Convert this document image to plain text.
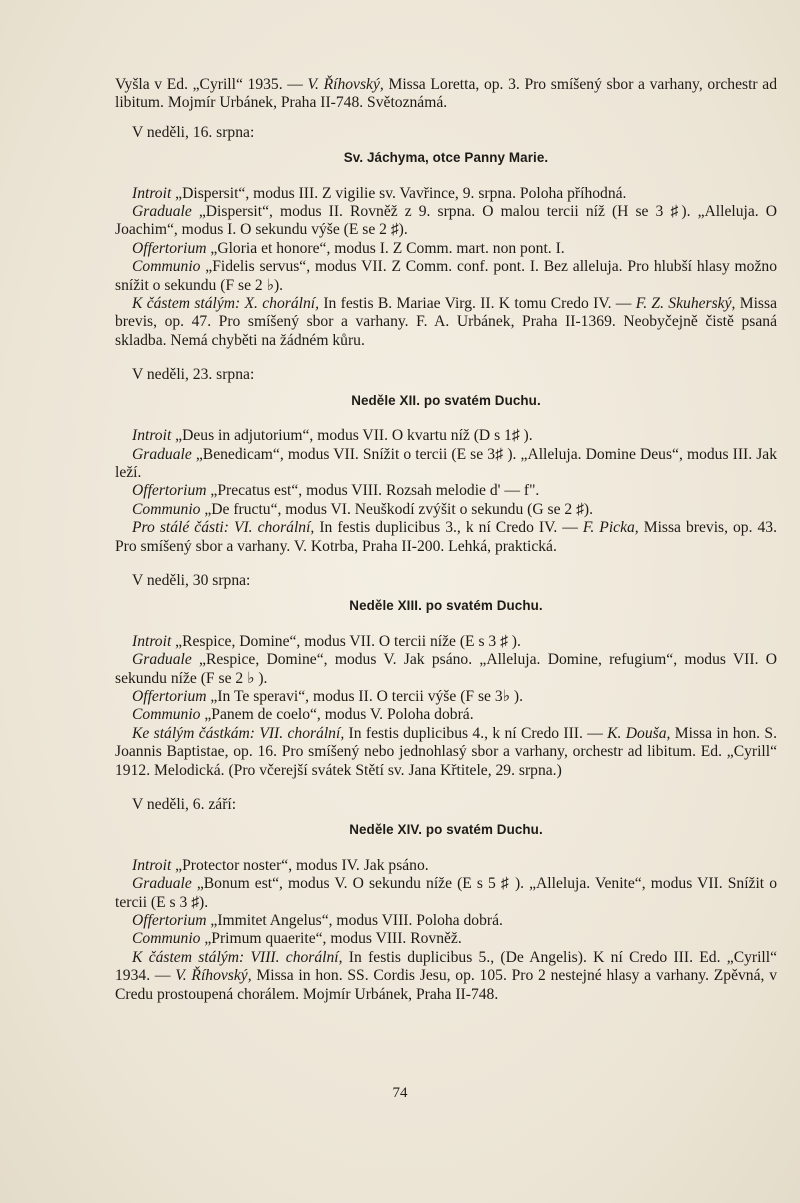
Vyšla v Ed. „Cyrill“ 1935. — V. Říhovský, Missa Loretta, op. 3. Pro smíšený sbor a varhany, orchestr ad libitum. Mojmír Urbánek, Praha II-748. Světoznámá.

V neděli, 16. srpna:

Sv. Jáchyma, otce Panny Marie.

Introit „Dispersit“, modus III. Z vigilie sv. Vavřince, 9. srpna. Poloha příhodná.

Graduale „Dispersit“, modus II. Rovněž z 9. srpna. O malou tercii níž (H se 3 ♯). „Alleluja. O Joachim“, modus I. O sekundu výše (E se 2 ♯).

Offertorium „Gloria et honore“, modus I. Z Comm. mart. non pont. I.

Communio „Fidelis servus“, modus VII. Z Comm. conf. pont. I. Bez alleluja. Pro hlubší hlasy možno snížit o sekundu (F se 2 ♭).

K částem stálým: X. chorální, In festis B. Mariae Virg. II. K tomu Credo IV. — F. Z. Skuherský, Missa brevis, op. 47. Pro smíšený sbor a varhany. F. A. Urbánek, Praha II-1369. Neobyčejně čistě psaná skladba. Nemá chyběti na žádném kůru.

V neděli, 23. srpna:

Neděle XII. po svatém Duchu.

Introit „Deus in adjutorium“, modus VII. O kvartu níž (D s 1♯ ).

Graduale „Benedicam“, modus VII. Snížit o tercii (E se 3♯ ). „Alleluja. Domine Deus“, modus III. Jak leží.

Offertorium „Precatus est“, modus VIII. Rozsah melodie d' — f".

Communio „De fructu“, modus VI. Neuškodí zvýšit o sekundu (G se 2 ♯).

Pro stálé části: VI. chorální, In festis duplicibus 3., k ní Credo IV. — F. Picka, Missa brevis, op. 43. Pro smíšený sbor a varhany. V. Kotrba, Praha II-200. Lehká, praktická.

V neděli, 30 srpna:

Neděle XIII. po svatém Duchu.

Introit „Respice, Domine“, modus VII. O tercii níže (E s 3 ♯ ).

Graduale „Respice, Domine“, modus V. Jak psáno. „Alleluja. Domine, refugium“, modus VII. O sekundu níže (F se 2 ♭ ).

Offertorium „In Te speravi“, modus II. O tercii výše (F se 3♭ ).

Communio „Panem de coelo“, modus V. Poloha dobrá.

Ke stálým částkám: VII. chorální, In festis duplicibus 4., k ní Credo III. — K. Douša, Missa in hon. S. Joannis Baptistae, op. 16. Pro smíšený nebo jednohlasý sbor a varhany, orchestr ad libitum. Ed. „Cyrill“ 1912. Melodická. (Pro včerejší svátek Stětí sv. Jana Křtitele, 29. srpna.)

V neděli, 6. září:

Neděle XIV. po svatém Duchu.

Introit „Protector noster“, modus IV. Jak psáno.

Graduale „Bonum est“, modus V. O sekundu níže (E s 5 ♯ ). „Alleluja. Venite“, modus VII. Snížit o tercii (E s 3 ♯).

Offertorium „Immitet Angelus“, modus VIII. Poloha dobrá.

Communio „Primum quaerite“, modus VIII. Rovněž.

K částem stálým: VIII. chorální, In festis duplicibus 5., (De Angelis). K ní Credo III. Ed. „Cyrill“ 1934. — V. Říhovský, Missa in hon. SS. Cordis Jesu, op. 105. Pro 2 nestejné hlasy a varhany. Zpěvná, v Credu prostoupená chorálem. Mojmír Urbánek, Praha II-748.

74
